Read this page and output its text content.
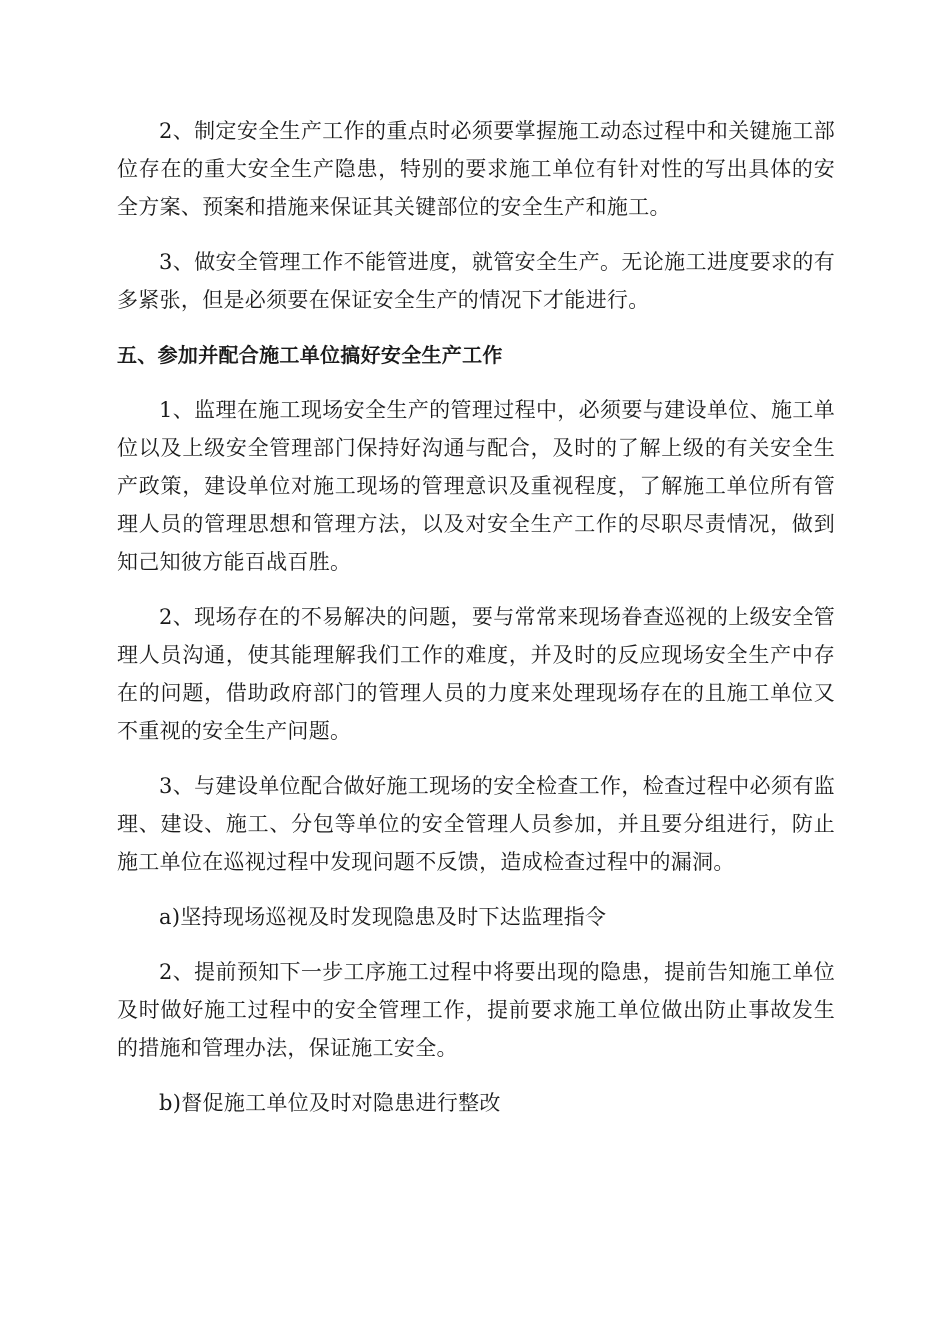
2、制定安全生产工作的重点时必须要掌握施工动态过程中和关键施工部位存在的重大安全生产隐患，特别的要求施工单位有针对性的写出具体的安全方案、预案和措施来保证其关键部位的安全生产和施工。

3、做安全管理工作不能管进度，就管安全生产。无论施工进度要求的有多紧张，但是必须要在保证安全生产的情况下才能进行。

五、参加并配合施工单位搞好安全生产工作

1、监理在施工现场安全生产的管理过程中，必须要与建设单位、施工单位以及上级安全管理部门保持好沟通与配合，及时的了解上级的有关安全生产政策，建设单位对施工现场的管理意识及重视程度，了解施工单位所有管理人员的管理思想和管理方法，以及对安全生产工作的尽职尽责情况，做到知己知彼方能百战百胜。

2、现场存在的不易解决的问题，要与常常来现场眷查巡视的上级安全管理人员沟通，使其能理解我们工作的难度，并及时的反应现场安全生产中存在的问题，借助政府部门的管理人员的力度来处理现场存在的且施工单位又不重视的安全生产问题。

3、与建设单位配合做好施工现场的安全检查工作，检查过程中必须有监理、建设、施工、分包等单位的安全管理人员参加，并且要分组进行，防止施工单位在巡视过程中发现问题不反馈，造成检查过程中的漏洞。

a)坚持现场巡视及时发现隐患及时下达监理指令

2、提前预知下一步工序施工过程中将要出现的隐患，提前告知施工单位及时做好施工过程中的安全管理工作，提前要求施工单位做出防止事故发生的措施和管理办法，保证施工安全。

b)督促施工单位及时对隐患进行整改
